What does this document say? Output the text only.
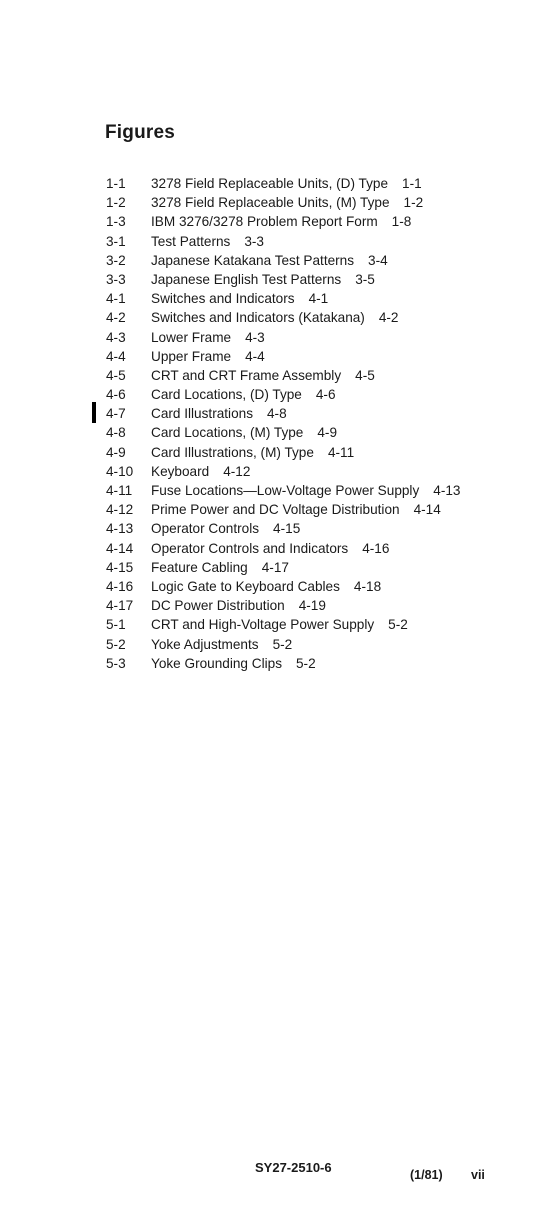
Figures
1-1	3278 Field Replaceable Units, (D) Type 1-1
1-2	3278 Field Replaceable Units, (M) Type 1-2
1-3	IBM 3276/3278 Problem Report Form 1-8
3-1	Test Patterns 3-3
3-2	Japanese Katakana Test Patterns 3-4
3-3	Japanese English Test Patterns 3-5
4-1	Switches and Indicators 4-1
4-2	Switches and Indicators (Katakana) 4-2
4-3	Lower Frame 4-3
4-4	Upper Frame 4-4
4-5	CRT and CRT Frame Assembly 4-5
4-6	Card Locations, (D) Type 4-6
4-7	Card Illustrations 4-8
4-8	Card Locations, (M) Type 4-9
4-9	Card Illustrations, (M) Type 4-11
4-10	Keyboard 4-12
4-11	Fuse Locations—Low-Voltage Power Supply 4-13
4-12	Prime Power and DC Voltage Distribution 4-14
4-13	Operator Controls 4-15
4-14	Operator Controls and Indicators 4-16
4-15	Feature Cabling 4-17
4-16	Logic Gate to Keyboard Cables 4-18
4-17	DC Power Distribution 4-19
5-1	CRT and High-Voltage Power Supply 5-2
5-2	Yoke Adjustments 5-2
5-3	Yoke Grounding Clips 5-2
SY27-2510-6	(1/81) vii
